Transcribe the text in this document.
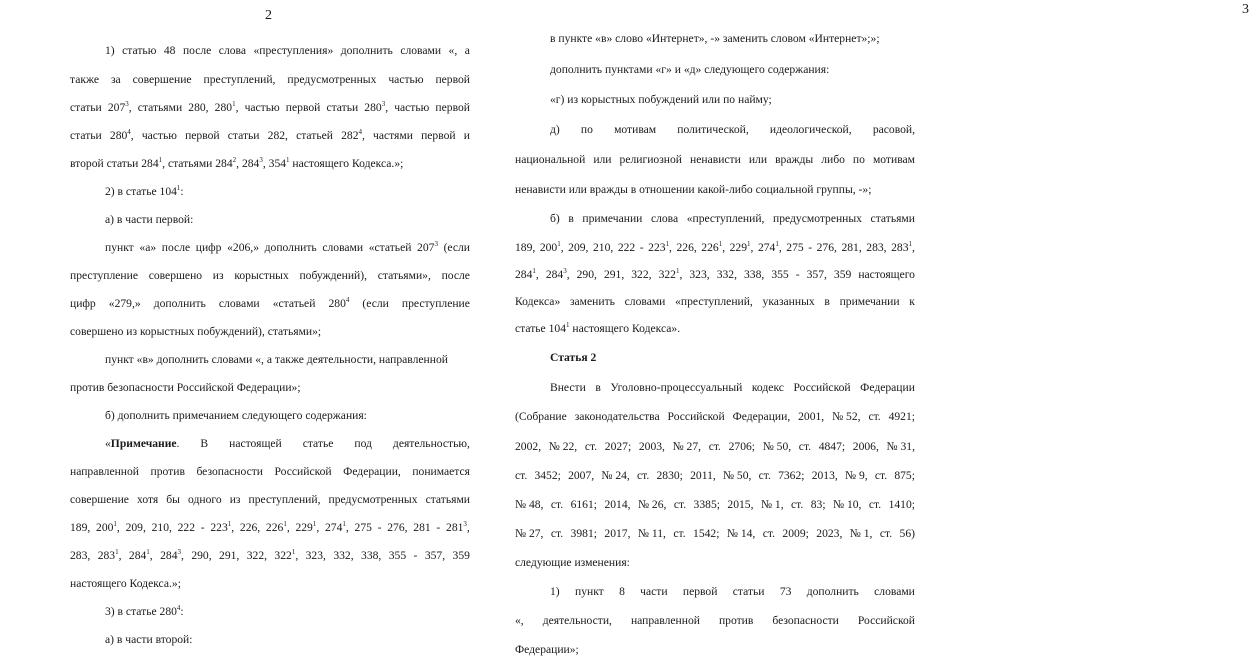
2
1) статью 48 после слова «преступления» дополнить словами «, а
также за совершение преступлений, предусмотренных частью первой
статьи $207^3$, статьями 280, $280^1$, частью первой статьи $280^3$, частью первой
статьи $280^4$, частью первой статьи 282, статьей $282^4$, частями первой и
второй статьи $284^1$, статьями $284^2$, $284^3$, $354^1$ настоящего Кодекса.»;
2) в статье $104^1$:
а) в части первой:
пункт «а» после цифр «206,» дополнить словами «статьей $207^3$ (если
преступление совершено из корыстных побуждений), статьями», после
цифр «279,» дополнить словами «статьей $280^4$ (если преступление
совершено из корыстных побуждений), статьями»;
пункт «в» дополнить словами «, а также деятельности, направленной
против безопасности Российской Федерации»;
б) дополнить примечанием следующего содержания:
«Примечание. В настоящей статье под деятельностью,
направленной против безопасности Российской Федерации, понимается
совершение хотя бы одного из преступлений, предусмотренных статьями
189, $200^1$, 209, 210, $222 - 223^1$, 226, $226^1$, $229^1$, $274^1$, 275 - 276, $281 - 281^3$,
283, $283^1$, $284^1$, $284^3$, 290, 291, 322, $322^1$, 323, 332, 338, 355 - 357, 359
настоящего Кодекса.»;
3) в статье $280^4$:
а) в части второй:
3
в пункте «в» слово «Интернет», -» заменить словом «Интернет»;»;
дополнить пунктами «г» и «д» следующего содержания:
«г) из корыстных побуждений или по найму;
д) по мотивам политической, идеологической, расовой,
национальной или религиозной ненависти или вражды либо по мотивам
ненависти или вражды в отношении какой-либо социальной группы, -»;
б) в примечании слова «преступлений, предусмотренных статьями
189, $200^1$, 209, 210, $222 - 223^1$, 226, $226^1$, $229^1$, $274^1$, 275 - 276, 281, 283, $283^1$,
$284^1$, $284^3$, 290, 291, 322, $322^1$, 323, 332, 338, 355 - 357, 359 настоящего
Кодекса» заменить словами «преступлений, указанных в примечании к
статье $104^1$ настоящего Кодекса».
Статья 2
Внести в Уголовно-процессуальный кодекс Российской Федерации
(Собрание законодательства Российской Федерации, 2001, № 52, ст. 4921;
2002, № 22, ст. 2027; 2003, № 27, ст. 2706; № 50, ст. 4847; 2006, № 31,
ст. 3452; 2007, № 24, ст. 2830; 2011, № 50, ст. 7362; 2013, № 9, ст. 875;
№ 48, ст. 6161; 2014, № 26, ст. 3385; 2015, № 1, ст. 83; № 10, ст. 1410;
№ 27, ст. 3981; 2017, № 11, ст. 1542; № 14, ст. 2009; 2023, № 1, ст. 56)
следующие изменения:
1) пункт 8 части первой статьи 73 дополнить словами
«, деятельности, направленной против безопасности Российской
Федерации»;
